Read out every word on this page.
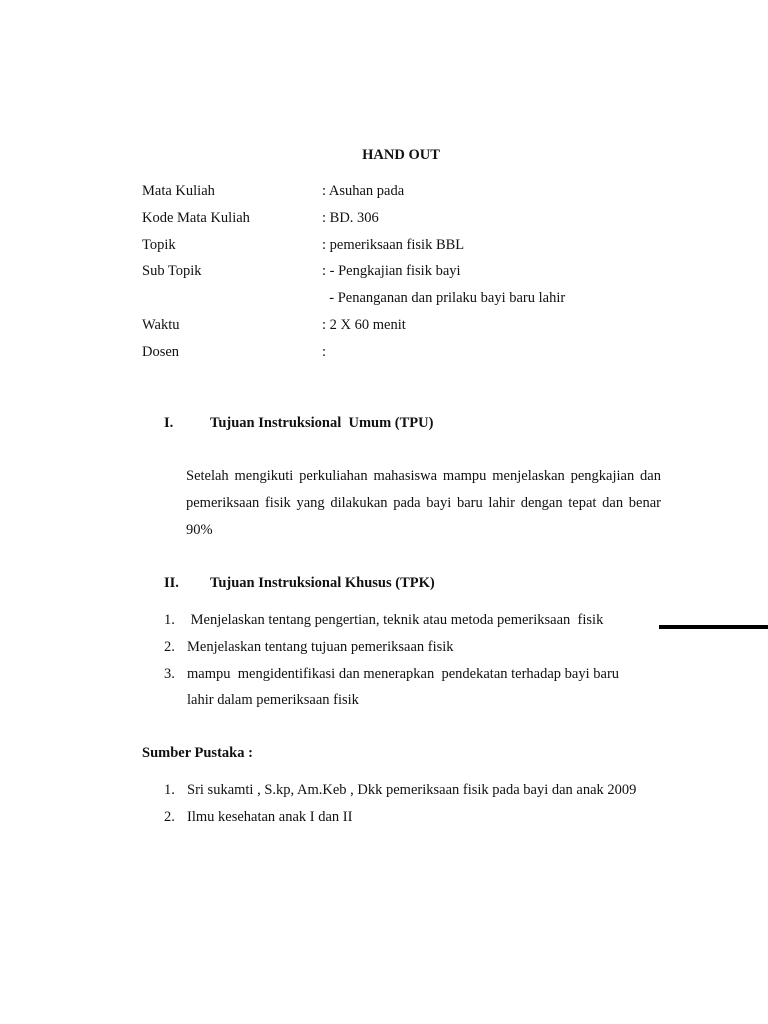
HAND OUT
Mata Kuliah	: Asuhan pada
Kode Mata Kuliah	: BD. 306
Topik	: pemeriksaan fisik BBL
Sub Topik	: - Pengkajian fisik bayi
- Penanganan dan prilaku bayi baru lahir
Waktu	: 2 X 60 menit
Dosen	:
I.	Tujuan Instruksional  Umum (TPU)
Setelah mengikuti perkuliahan mahasiswa mampu menjelaskan pengkajian dan pemeriksaan fisik yang dilakukan pada bayi baru lahir dengan tepat dan benar 90%
II. Tujuan Instruksional Khusus (TPK)
1. Menjelaskan tentang pengertian, teknik atau metoda pemeriksaan  fisik
2. Menjelaskan tentang tujuan pemeriksaan fisik
3. mampu  mengidentifikasi dan menerapkan  pendekatan terhadap bayi baru
lahir dalam pemeriksaan fisik
Sumber Pustaka :
1. Sri sukamti , S.kp, Am.Keb , Dkk pemeriksaan fisik pada bayi dan anak 2009
2. Ilmu kesehatan anak I dan II
